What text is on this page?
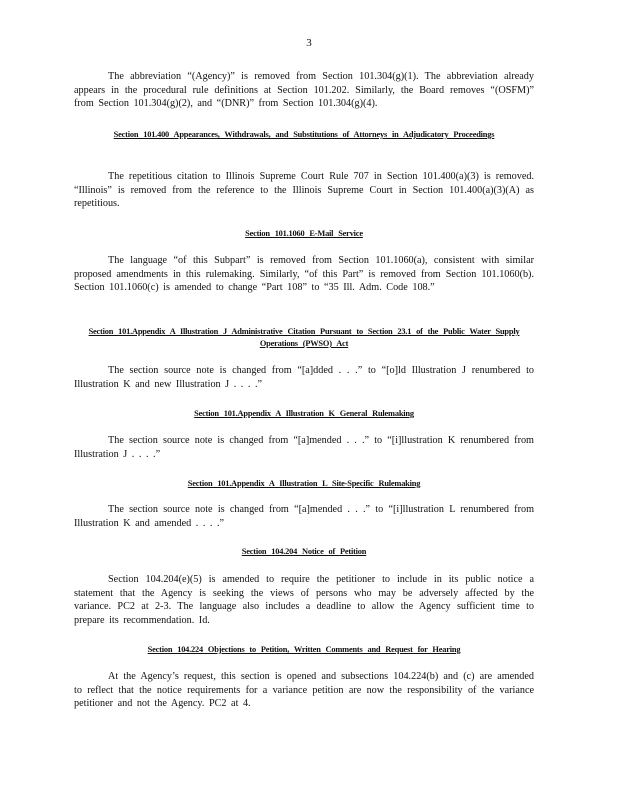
3

The abbreviation “(Agency)” is removed from Section 101.304(g)(1). The abbreviation already appears in the procedural rule definitions at Section 101.202. Similarly, the Board removes “(OSFM)” from Section 101.304(g)(2), and “(DNR)” from Section 101.304(g)(4).

Section 101.400 Appearances, Withdrawals, and Substitutions of Attorneys in Adjudicatory Proceedings

The repetitious citation to Illinois Supreme Court Rule 707 in Section 101.400(a)(3) is removed. “Illinois” is removed from the reference to the Illinois Supreme Court in Section 101.400(a)(3)(A) as repetitious.

Section 101.1060 E-Mail Service

The language “of this Subpart” is removed from Section 101.1060(a), consistent with similar proposed amendments in this rulemaking. Similarly, “of this Part” is removed from Section 101.1060(b). Section 101.1060(c) is amended to change “Part 108” to “35 Ill. Adm. Code 108.”

Section 101.Appendix A Illustration J Administrative Citation Pursuant to Section 23.1 of the Public Water Supply Operations (PWSO) Act

The section source note is changed from “[a]dded . . .” to “[o]ld Illustration J renumbered to Illustration K and new Illustration J . . . .”

Section 101.Appendix A Illustration K General Rulemaking

The section source note is changed from “[a]mended . . .” to “[i]llustration K renumbered from Illustration J . . . .”

Section 101.Appendix A Illustration L Site-Specific Rulemaking

The section source note is changed from “[a]mended . . .” to “[i]llustration L renumbered from Illustration K and amended . . . .”

Section 104.204 Notice of Petition

Section 104.204(e)(5) is amended to require the petitioner to include in its public notice a statement that the Agency is seeking the views of persons who may be adversely affected by the variance. PC2 at 2-3. The language also includes a deadline to allow the Agency sufficient time to prepare its recommendation. Id.

Section 104.224 Objections to Petition, Written Comments and Request for Hearing

At the Agency’s request, this section is opened and subsections 104.224(b) and (c) are amended to reflect that the notice requirements for a variance petition are now the responsibility of the variance petitioner and not the Agency. PC2 at 4.
